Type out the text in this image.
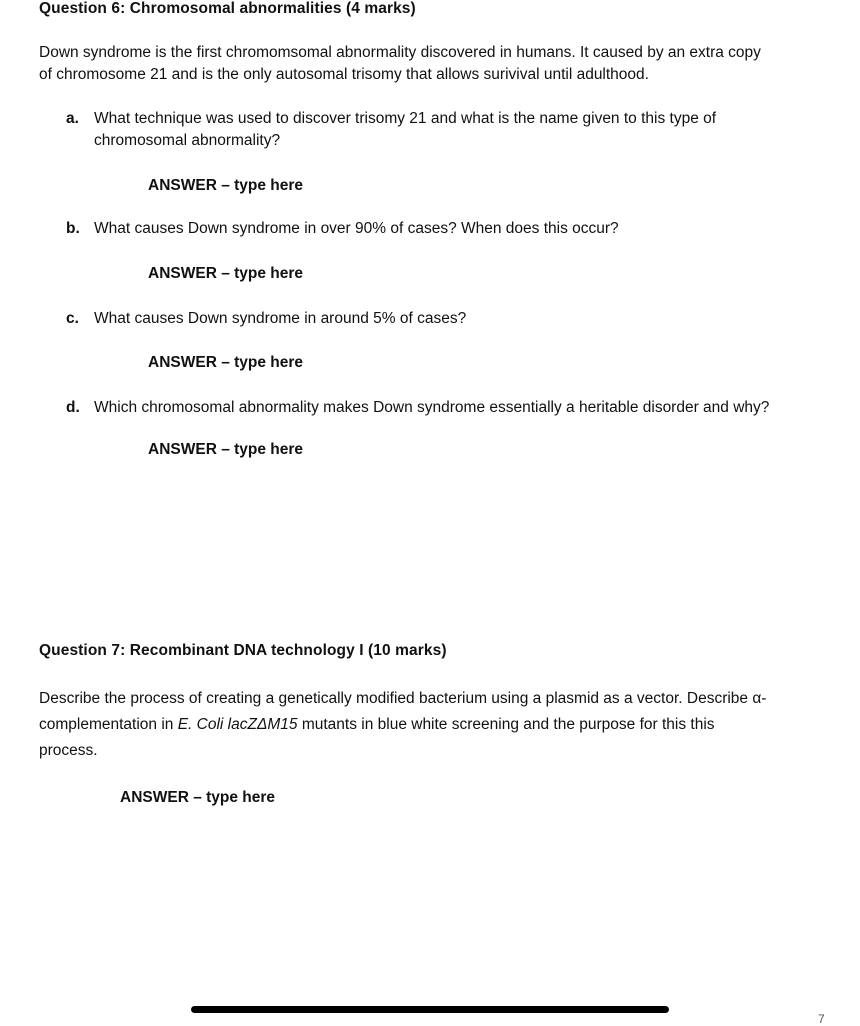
Question 6: Chromosomal abnormalities (4 marks)
Down syndrome is the first chromomsomal abnormality discovered in humans. It caused by an extra copy
of chromosome 21 and is the only autosomal trisomy that allows surivival until adulthood.
a. What technique was used to discover trisomy 21 and what is the name given to this type of
chromosomal abnormality?
ANSWER – type here
b. What causes Down syndrome in over 90% of cases? When does this occur?
ANSWER – type here
c. What causes Down syndrome in around 5% of cases?
ANSWER – type here
d. Which chromosomal abnormality makes Down syndrome essentially a heritable disorder and why?
ANSWER – type here
Question 7: Recombinant DNA technology I (10 marks)
Describe the process of creating a genetically modified bacterium using a plasmid as a vector. Describe α-
complementation in E. Coli lacZΔM15 mutants in blue white screening and the purpose for this this
process.
ANSWER – type here
7
